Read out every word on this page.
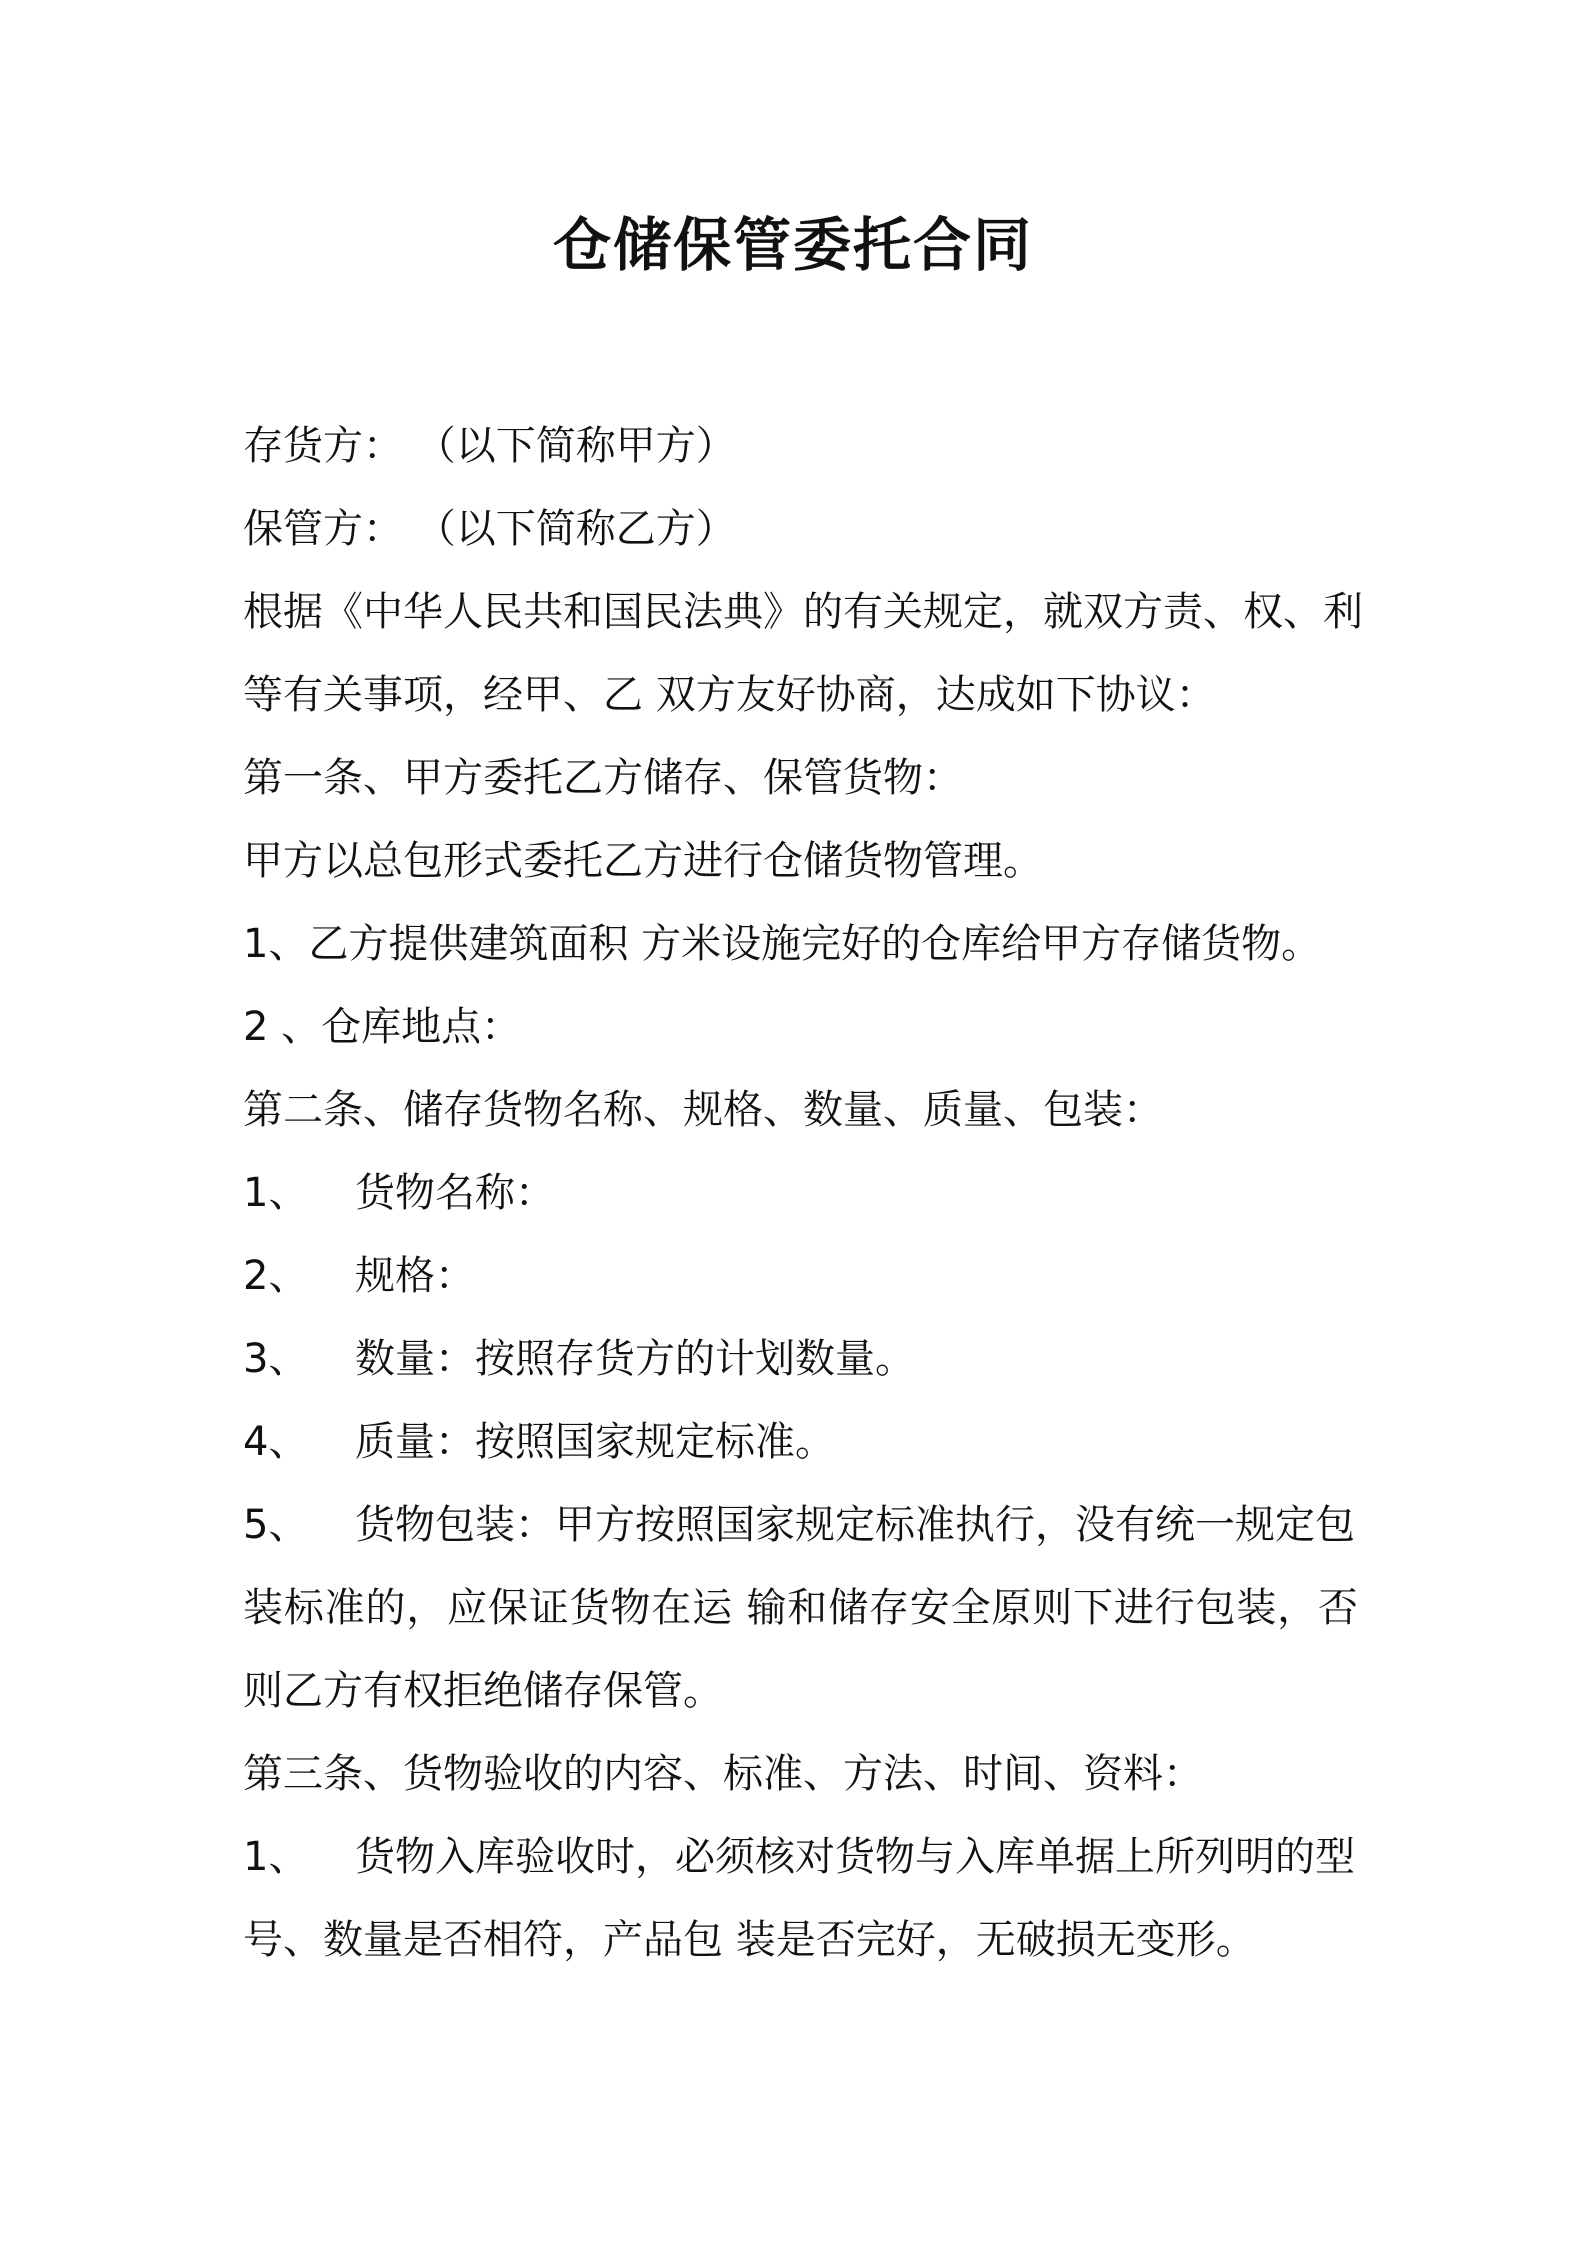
仓储保管委托合同
存货方： （以下简称甲方）
保管方： （以下简称乙方）
根据《中华人民共和国民法典》的有关规定，就双方责、权、利
等有关事项，经甲、乙 双方友好协商，达成如下协议：
第一条、甲方委托乙方储存、保管货物：
甲方以总包形式委托乙方进行仓储货物管理。
1、乙方提供建筑面积 方米设施完好的仓库给甲方存储货物。
2 、仓库地点：
第二条、储存货物名称、规格、数量、质量、包装：
1、 货物名称：
2、 规格：
3、 数量：按照存货方的计划数量。
4、 质量：按照国家规定标准。
5、 货物包装：甲方按照国家规定标准执行，没有统一规定包
装标准的，应保证货物在运 输和储存安全原则下进行包装，否
则乙方有权拒绝储存保管。
第三条、货物验收的内容、标准、方法、时间、资料：
1、 货物入库验收时，必须核对货物与入库单据上所列明的型
号、数量是否相符，产品包 装是否完好，无破损无变形。
